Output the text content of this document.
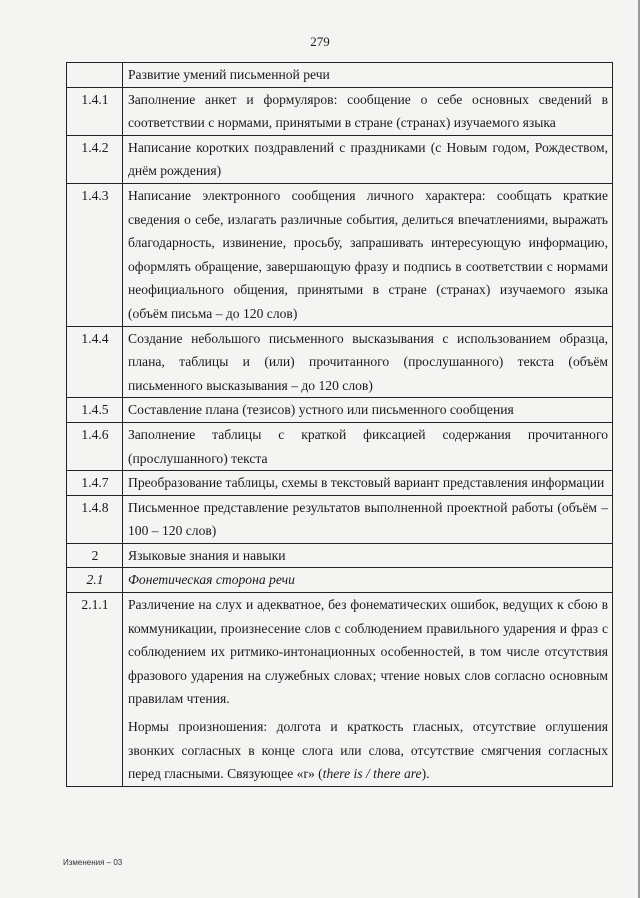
279
	Развитие умений письменной речи
1.4.1	Заполнение анкет и формуляров: сообщение о себе основных сведений в соответствии с нормами, принятыми в стране (странах) изучаемого языка
1.4.2	Написание коротких поздравлений с праздниками (с Новым годом, Рождеством, днём рождения)
1.4.3	Написание электронного сообщения личного характера: сообщать краткие сведения о себе, излагать различные события, делиться впечатлениями, выражать благодарность, извинение, просьбу, запрашивать интересующую информацию, оформлять обращение, завершающую фразу и подпись в соответствии с нормами неофициального общения, принятыми в стране (странах) изучаемого языка (объём письма – до 120 слов)
1.4.4	Создание небольшого письменного высказывания с использованием образца, плана, таблицы и (или) прочитанного (прослушанного) текста (объём письменного высказывания – до 120 слов)
1.4.5	Составление плана (тезисов) устного или письменного сообщения
1.4.6	Заполнение таблицы с краткой фиксацией содержания прочитанного (прослушанного) текста
1.4.7	Преобразование таблицы, схемы в текстовый вариант представления информации
1.4.8	Письменное представление результатов выполненной проектной работы (объём – 100 – 120 слов)
2	Языковые знания и навыки
2.1	Фонетическая сторона речи
2.1.1	Различение на слух и адекватное, без фонематических ошибок, ведущих к сбою в коммуникации, произнесение слов с соблюдением правильного ударения и фраз с соблюдением их ритмико-интонационных особенностей, в том числе отсутствия фразового ударения на служебных словах; чтение новых слов согласно основным правилам чтения.
Нормы произношения: долгота и краткость гласных, отсутствие оглушения звонких согласных в конце слога или слова, отсутствие смягчения согласных перед гласными. Связующее «r» (there is / there are).
Изменения – 03
